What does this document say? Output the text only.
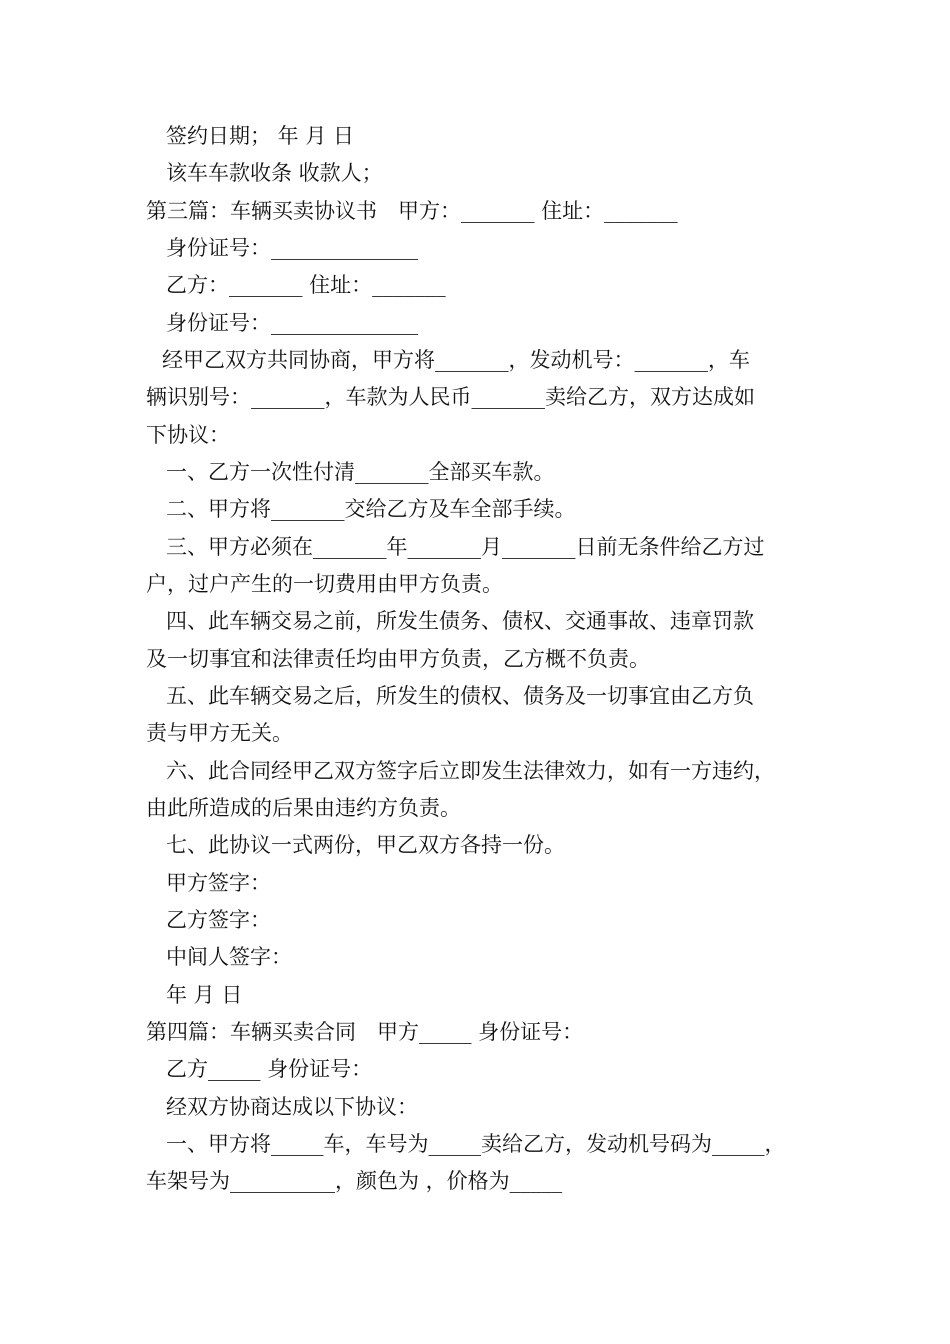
签约日期； 年 月 日
该车车款收条 收款人；
第三篇：车辆买卖协议书　甲方：_______ 住址：_______
身份证号：______________
乙方：_______ 住址：_______
身份证号：______________
经甲乙双方共同协商，甲方将_______，发动机号：_______，车
辆识别号：_______，车款为人民币_______卖给乙方，双方达成如
下协议：
一、乙方一次性付清_______全部买车款。
二、甲方将_______交给乙方及车全部手续。
三、甲方必须在_______年_______月_______日前无条件给乙方过
户，过户产生的一切费用由甲方负责。
四、此车辆交易之前，所发生债务、债权、交通事故、违章罚款
及一切事宜和法律责任均由甲方负责，乙方概不负责。
五、此车辆交易之后，所发生的债权、债务及一切事宜由乙方负
责与甲方无关。
六、此合同经甲乙双方签字后立即发生法律效力，如有一方违约，
由此所造成的后果由违约方负责。
七、此协议一式两份，甲乙双方各持一份。
甲方签字：
乙方签字：
中间人签字：
年 月 日
第四篇：车辆买卖合同　甲方_____ 身份证号：
乙方_____ 身份证号：
经双方协商达成以下协议：
一、甲方将_____车，车号为_____卖给乙方，发动机号码为_____，
车架号为__________，颜色为 ，价格为_____
